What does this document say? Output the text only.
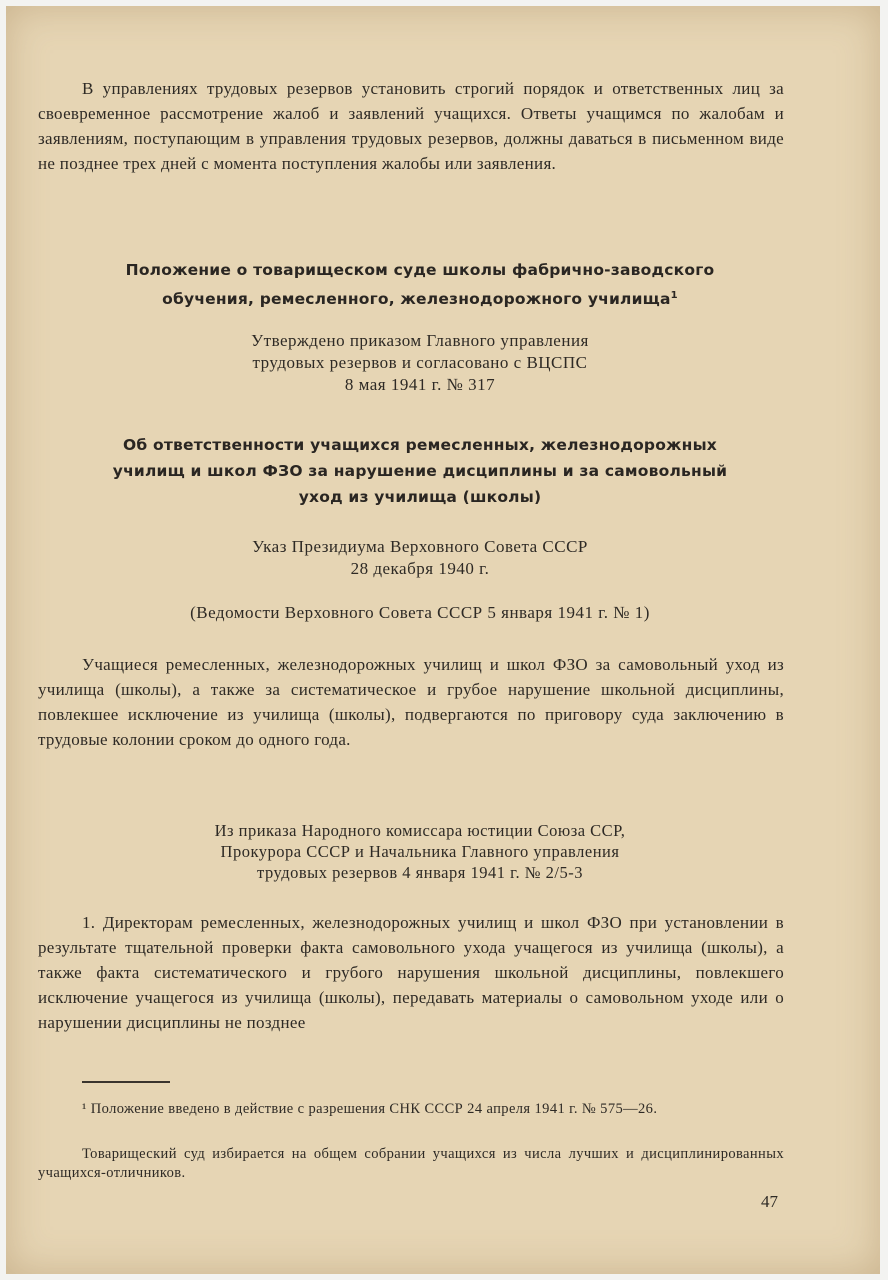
В управлениях трудовых резервов установить строгий порядок и ответственных лиц за своевременное рассмотрение жалоб и заявлений учащихся. Ответы учащимся по жалобам и заявлениям, поступающим в управления трудовых резервов, должны даваться в письменном виде не позднее трех дней с момента поступления жалобы или заявления.
Положение о товарищеском суде школы фабрично-заводского
обучения, ремесленного, железнодорожного училища$^1$
Утверждено приказом Главного управления
трудовых резервов и согласовано с ВЦСПС
8 мая 1941 г. № 317
Об ответственности учащихся ремесленных, железнодорожных
училищ и школ ФЗО за нарушение дисциплины и за самовольный
уход из училища (школы)
Указ Президиума Верховного Совета СССР
28 декабря 1940 г.
(Ведомости Верховного Совета СССР 5 января 1941 г. № 1)
Учащиеся ремесленных, железнодорожных училищ и школ ФЗО за самовольный уход из училища (школы), а также за систематическое и грубое нарушение школьной дисциплины, повлекшее исключение из училища (школы), подвергаются по приговору суда заключению в трудовые колонии сроком до одного года.
Из приказа Народного комиссара юстиции Союза ССР,
Прокурора СССР и Начальника Главного управления
трудовых резервов 4 января 1941 г. № 2/5-3
1. Директорам ремесленных, железнодорожных училищ и школ ФЗО при установлении в результате тщательной проверки факта самовольного ухода учащегося из училища (школы), а также факта систематического и грубого нарушения школьной дисциплины, повлекшего исключение учащегося из училища (школы), передавать материалы о самовольном уходе или о нарушении дисциплины не позднее
¹ Положение введено в действие с разрешения СНК СССР 24 апреля 1941 г. № 575—26.
Товарищеский суд избирается на общем собрании учащихся из числа лучших и дисциплинированных учащихся-отличников.
47
